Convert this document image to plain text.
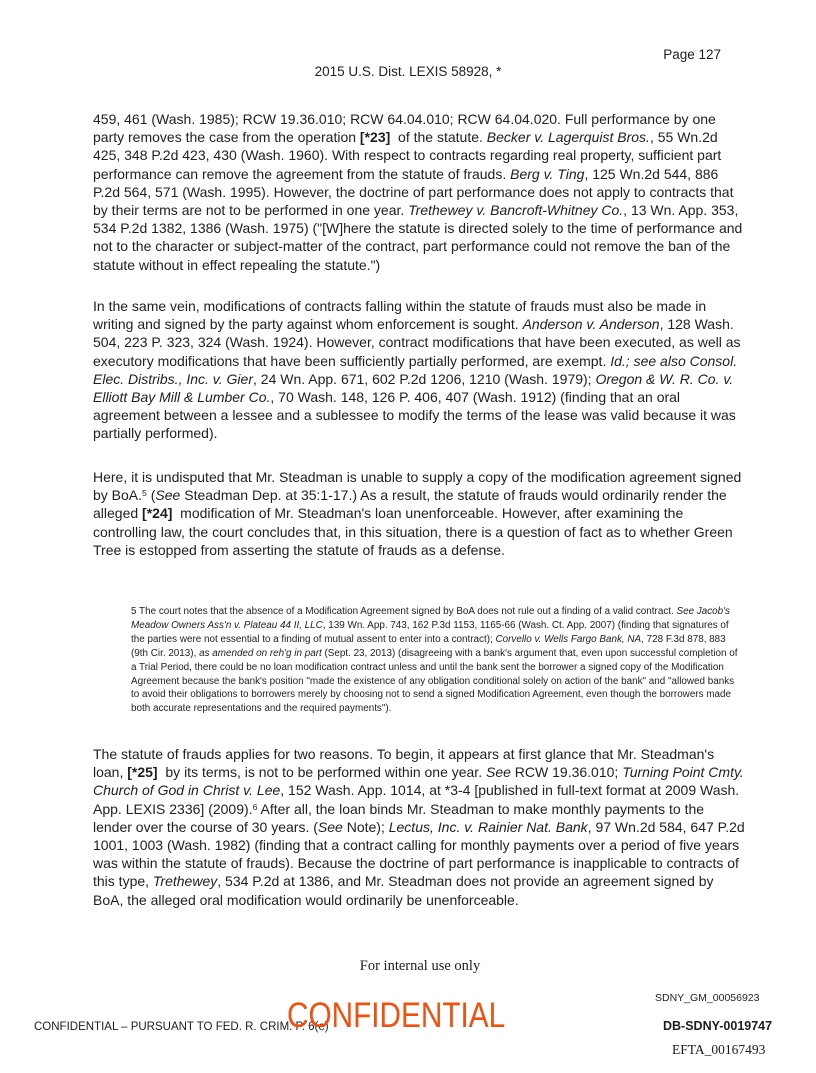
Page 127
2015 U.S. Dist. LEXIS 58928, *
459, 461 (Wash. 1985); RCW 19.36.010; RCW 64.04.010; RCW 64.04.020. Full performance by one party removes the case from the operation [*23]  of the statute. Becker v. Lagerquist Bros., 55 Wn.2d 425, 348 P.2d 423, 430 (Wash. 1960). With respect to contracts regarding real property, sufficient part performance can remove the agreement from the statute of frauds. Berg v. Ting, 125 Wn.2d 544, 886 P.2d 564, 571 (Wash. 1995). However, the doctrine of part performance does not apply to contracts that by their terms are not to be performed in one year. Trethewey v. Bancroft-Whitney Co., 13 Wn. App. 353, 534 P.2d 1382, 1386 (Wash. 1975) ("[W]here the statute is directed solely to the time of performance and not to the character or subject-matter of the contract, part performance could not remove the ban of the statute without in effect repealing the statute.")
In the same vein, modifications of contracts falling within the statute of frauds must also be made in writing and signed by the party against whom enforcement is sought. Anderson v. Anderson, 128 Wash. 504, 223 P. 323, 324 (Wash. 1924). However, contract modifications that have been executed, as well as executory modifications that have been sufficiently partially performed, are exempt. Id.; see also Consol. Elec. Distribs., Inc. v. Gier, 24 Wn. App. 671, 602 P.2d 1206, 1210 (Wash. 1979); Oregon & W. R. Co. v. Elliott Bay Mill & Lumber Co., 70 Wash. 148, 126 P. 406, 407 (Wash. 1912) (finding that an oral agreement between a lessee and a sublessee to modify the terms of the lease was valid because it was partially performed).
Here, it is undisputed that Mr. Steadman is unable to supply a copy of the modification agreement signed by BoA.$^5$ (See Steadman Dep. at 35:1-17.) As a result, the statute of frauds would ordinarily render the alleged [*24]  modification of Mr. Steadman's loan unenforceable. However, after examining the controlling law, the court concludes that, in this situation, there is a question of fact as to whether Green Tree is estopped from asserting the statute of frauds as a defense.
5 The court notes that the absence of a Modification Agreement signed by BoA does not rule out a finding of a valid contract. See Jacob's Meadow Owners Ass'n v. Plateau 44 II, LLC, 139 Wn. App. 743, 162 P.3d 1153, 1165-66 (Wash. Ct. App. 2007) (finding that signatures of the parties were not essential to a finding of mutual assent to enter into a contract); Corvello v. Wells Fargo Bank, NA, 728 F.3d 878, 883 (9th Cir. 2013), as amended on reh'g in part (Sept. 23, 2013) (disagreeing with a bank's argument that, even upon successful completion of a Trial Period, there could be no loan modification contract unless and until the bank sent the borrower a signed copy of the Modification Agreement because the bank's position "made the existence of any obligation conditional solely on action of the bank" and "allowed banks to avoid their obligations to borrowers merely by choosing not to send a signed Modification Agreement, even though the borrowers made both accurate representations and the required payments").
The statute of frauds applies for two reasons. To begin, it appears at first glance that Mr. Steadman's loan, [*25]  by its terms, is not to be performed within one year. See RCW 19.36.010; Turning Point Cmty. Church of God in Christ v. Lee, 152 Wash. App. 1014, at *3-4 [published in full-text format at 2009 Wash. App. LEXIS 2336] (2009).$^6$ After all, the loan binds Mr. Steadman to make monthly payments to the lender over the course of 30 years. (See Note); Lectus, Inc. v. Rainier Nat. Bank, 97 Wn.2d 584, 647 P.2d 1001, 1003 (Wash. 1982) (finding that a contract calling for monthly payments over a period of five years was within the statute of frauds). Because the doctrine of part performance is inapplicable to contracts of this type, Trethewey, 534 P.2d at 1386, and Mr. Steadman does not provide an agreement signed by BoA, the alleged oral modification would ordinarily be unenforceable.
For internal use only
SDNY_GM_00056923
CONFIDENTIAL – PURSUANT TO FED. R. CRIM. P. 6(e)
CONFIDENTIAL	DB-SDNY-0019747
EFTA_00167493
